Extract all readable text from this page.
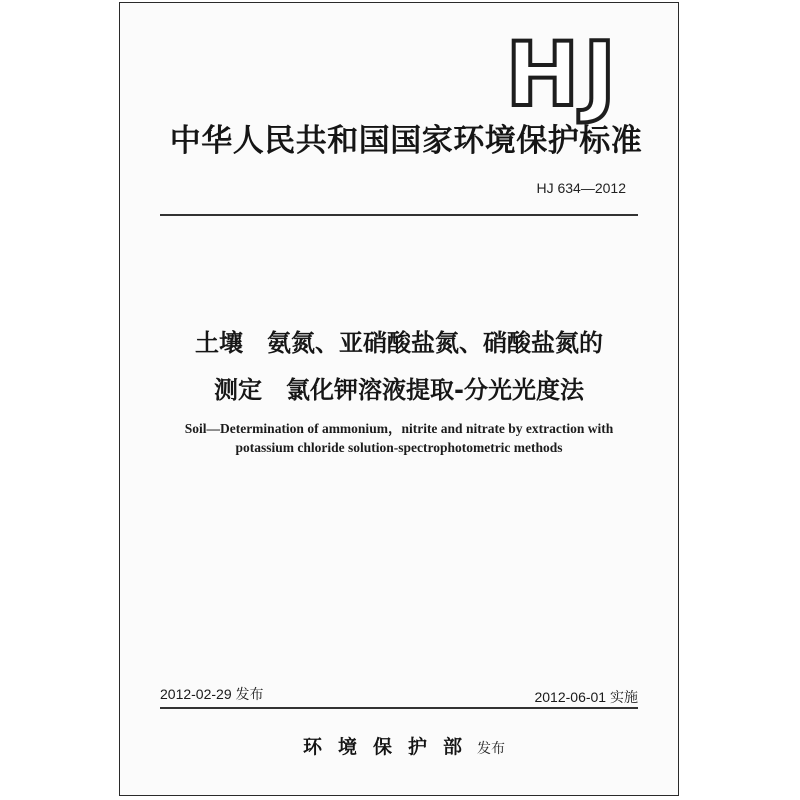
HJ
中华人民共和国国家环境保护标准
HJ 634—2012
土壤　氨氮、亚硝酸盐氮、硝酸盐氮的
测定　氯化钾溶液提取-分光光度法
Soil—Determination of ammonium，nitrite and nitrate by extraction with
potassium chloride solution-spectrophotometric methods
2012-02-29 发布	2012-06-01 实施
环境保护部 发布
